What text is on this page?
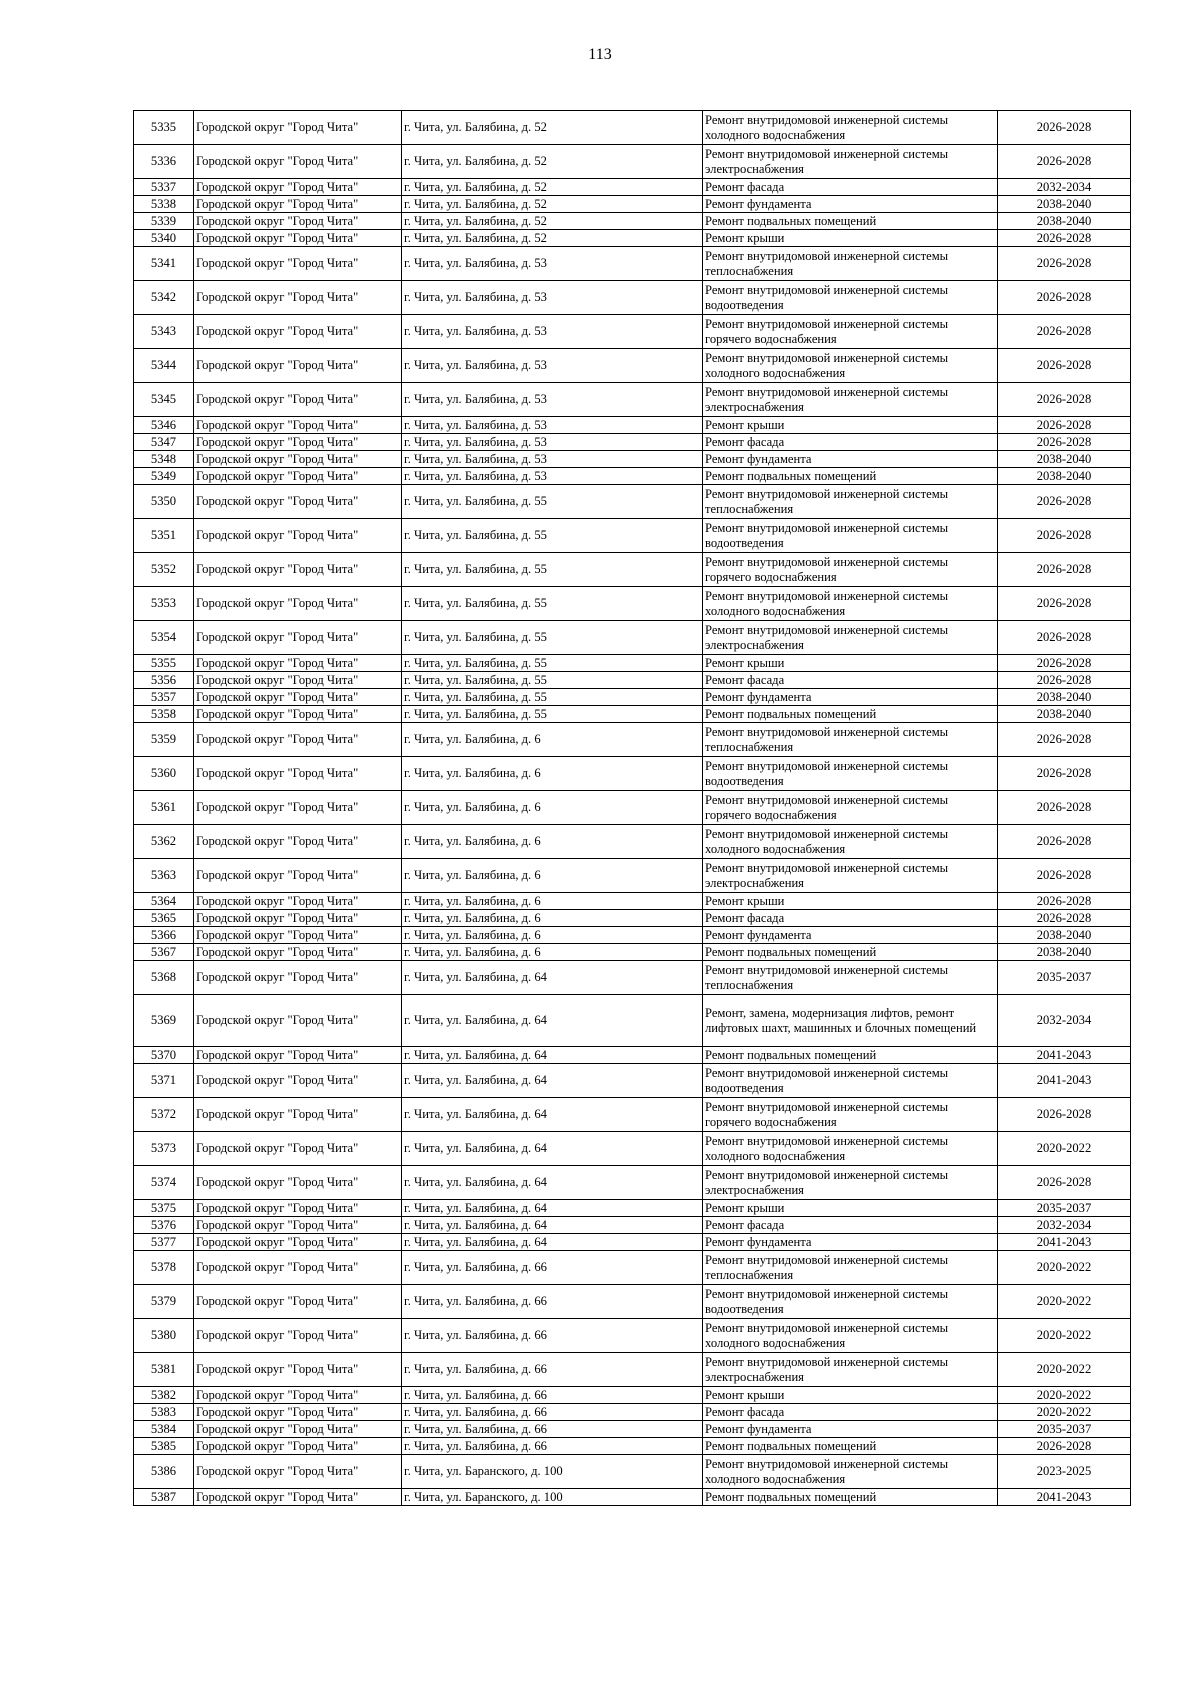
113
5335	Городской округ "Город Чита"	г. Чита, ул. Балябина, д. 52	Ремонт внутридомовой инженерной системы холодного водоснабжения	2026-2028
5336	Городской округ "Город Чита"	г. Чита, ул. Балябина, д. 52	Ремонт внутридомовой инженерной системы электроснабжения	2026-2028
5337	Городской округ "Город Чита"	г. Чита, ул. Балябина, д. 52	Ремонт фасада	2032-2034
5338	Городской округ "Город Чита"	г. Чита, ул. Балябина, д. 52	Ремонт фундамента	2038-2040
5339	Городской округ "Город Чита"	г. Чита, ул. Балябина, д. 52	Ремонт подвальных помещений	2038-2040
5340	Городской округ "Город Чита"	г. Чита, ул. Балябина, д. 52	Ремонт крыши	2026-2028
5341	Городской округ "Город Чита"	г. Чита, ул. Балябина, д. 53	Ремонт внутридомовой инженерной системы теплоснабжения	2026-2028
5342	Городской округ "Город Чита"	г. Чита, ул. Балябина, д. 53	Ремонт внутридомовой инженерной системы водоотведения	2026-2028
5343	Городской округ "Город Чита"	г. Чита, ул. Балябина, д. 53	Ремонт внутридомовой инженерной системы горячего водоснабжения	2026-2028
5344	Городской округ "Город Чита"	г. Чита, ул. Балябина, д. 53	Ремонт внутридомовой инженерной системы холодного водоснабжения	2026-2028
5345	Городской округ "Город Чита"	г. Чита, ул. Балябина, д. 53	Ремонт внутридомовой инженерной системы электроснабжения	2026-2028
5346	Городской округ "Город Чита"	г. Чита, ул. Балябина, д. 53	Ремонт крыши	2026-2028
5347	Городской округ "Город Чита"	г. Чита, ул. Балябина, д. 53	Ремонт фасада	2026-2028
5348	Городской округ "Город Чита"	г. Чита, ул. Балябина, д. 53	Ремонт фундамента	2038-2040
5349	Городской округ "Город Чита"	г. Чита, ул. Балябина, д. 53	Ремонт подвальных помещений	2038-2040
5350	Городской округ "Город Чита"	г. Чита, ул. Балябина, д. 55	Ремонт внутридомовой инженерной системы теплоснабжения	2026-2028
5351	Городской округ "Город Чита"	г. Чита, ул. Балябина, д. 55	Ремонт внутридомовой инженерной системы водоотведения	2026-2028
5352	Городской округ "Город Чита"	г. Чита, ул. Балябина, д. 55	Ремонт внутридомовой инженерной системы горячего водоснабжения	2026-2028
5353	Городской округ "Город Чита"	г. Чита, ул. Балябина, д. 55	Ремонт внутридомовой инженерной системы холодного водоснабжения	2026-2028
5354	Городской округ "Город Чита"	г. Чита, ул. Балябина, д. 55	Ремонт внутридомовой инженерной системы электроснабжения	2026-2028
5355	Городской округ "Город Чита"	г. Чита, ул. Балябина, д. 55	Ремонт крыши	2026-2028
5356	Городской округ "Город Чита"	г. Чита, ул. Балябина, д. 55	Ремонт фасада	2026-2028
5357	Городской округ "Город Чита"	г. Чита, ул. Балябина, д. 55	Ремонт фундамента	2038-2040
5358	Городской округ "Город Чита"	г. Чита, ул. Балябина, д. 55	Ремонт подвальных помещений	2038-2040
5359	Городской округ "Город Чита"	г. Чита, ул. Балябина, д. 6	Ремонт внутридомовой инженерной системы теплоснабжения	2026-2028
5360	Городской округ "Город Чита"	г. Чита, ул. Балябина, д. 6	Ремонт внутридомовой инженерной системы водоотведения	2026-2028
5361	Городской округ "Город Чита"	г. Чита, ул. Балябина, д. 6	Ремонт внутридомовой инженерной системы горячего водоснабжения	2026-2028
5362	Городской округ "Город Чита"	г. Чита, ул. Балябина, д. 6	Ремонт внутридомовой инженерной системы холодного водоснабжения	2026-2028
5363	Городской округ "Город Чита"	г. Чита, ул. Балябина, д. 6	Ремонт внутридомовой инженерной системы электроснабжения	2026-2028
5364	Городской округ "Город Чита"	г. Чита, ул. Балябина, д. 6	Ремонт крыши	2026-2028
5365	Городской округ "Город Чита"	г. Чита, ул. Балябина, д. 6	Ремонт фасада	2026-2028
5366	Городской округ "Город Чита"	г. Чита, ул. Балябина, д. 6	Ремонт фундамента	2038-2040
5367	Городской округ "Город Чита"	г. Чита, ул. Балябина, д. 6	Ремонт подвальных помещений	2038-2040
5368	Городской округ "Город Чита"	г. Чита, ул. Балябина, д. 64	Ремонт внутридомовой инженерной системы теплоснабжения	2035-2037
5369	Городской округ "Город Чита"	г. Чита, ул. Балябина, д. 64	Ремонт, замена, модернизация лифтов, ремонт лифтовых шахт, машинных и блочных помещений	2032-2034
5370	Городской округ "Город Чита"	г. Чита, ул. Балябина, д. 64	Ремонт подвальных помещений	2041-2043
5371	Городской округ "Город Чита"	г. Чита, ул. Балябина, д. 64	Ремонт внутридомовой инженерной системы водоотведения	2041-2043
5372	Городской округ "Город Чита"	г. Чита, ул. Балябина, д. 64	Ремонт внутридомовой инженерной системы горячего водоснабжения	2026-2028
5373	Городской округ "Город Чита"	г. Чита, ул. Балябина, д. 64	Ремонт внутридомовой инженерной системы холодного водоснабжения	2020-2022
5374	Городской округ "Город Чита"	г. Чита, ул. Балябина, д. 64	Ремонт внутридомовой инженерной системы электроснабжения	2026-2028
5375	Городской округ "Город Чита"	г. Чита, ул. Балябина, д. 64	Ремонт крыши	2035-2037
5376	Городской округ "Город Чита"	г. Чита, ул. Балябина, д. 64	Ремонт фасада	2032-2034
5377	Городской округ "Город Чита"	г. Чита, ул. Балябина, д. 64	Ремонт фундамента	2041-2043
5378	Городской округ "Город Чита"	г. Чита, ул. Балябина, д. 66	Ремонт внутридомовой инженерной системы теплоснабжения	2020-2022
5379	Городской округ "Город Чита"	г. Чита, ул. Балябина, д. 66	Ремонт внутридомовой инженерной системы водоотведения	2020-2022
5380	Городской округ "Город Чита"	г. Чита, ул. Балябина, д. 66	Ремонт внутридомовой инженерной системы холодного водоснабжения	2020-2022
5381	Городской округ "Город Чита"	г. Чита, ул. Балябина, д. 66	Ремонт внутридомовой инженерной системы электроснабжения	2020-2022
5382	Городской округ "Город Чита"	г. Чита, ул. Балябина, д. 66	Ремонт крыши	2020-2022
5383	Городской округ "Город Чита"	г. Чита, ул. Балябина, д. 66	Ремонт фасада	2020-2022
5384	Городской округ "Город Чита"	г. Чита, ул. Балябина, д. 66	Ремонт фундамента	2035-2037
5385	Городской округ "Город Чита"	г. Чита, ул. Балябина, д. 66	Ремонт подвальных помещений	2026-2028
5386	Городской округ "Город Чита"	г. Чита, ул. Баранского, д. 100	Ремонт внутридомовой инженерной системы холодного водоснабжения	2023-2025
5387	Городской округ "Город Чита"	г. Чита, ул. Баранского, д. 100	Ремонт подвальных помещений	2041-2043
